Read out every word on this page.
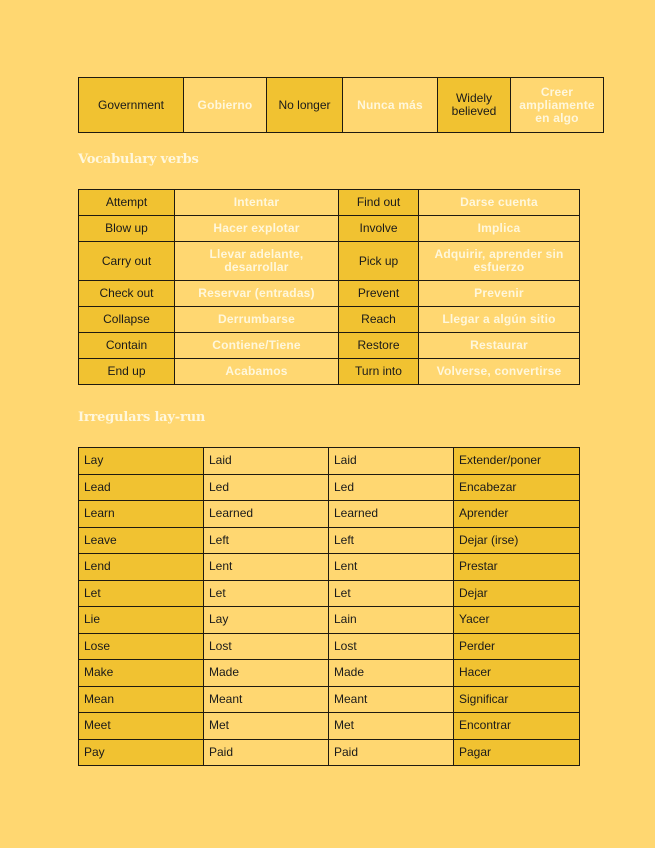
Government	Gobierno	No longer	Nunca más	Widely believed	Creer ampliamente en algo
Vocabulary verbs
Attempt	Intentar	Find out	Darse cuenta
Blow up	Hacer explotar	Involve	Implica
Carry out	Llevar adelante, desarrollar	Pick up	Adquirir, aprender sin esfuerzo
Check out	Reservar (entradas)	Prevent	Prevenir
Collapse	Derrumbarse	Reach	Llegar a algún sitio
Contain	Contiene/Tiene	Restore	Restaurar
End up	Acabamos	Turn into	Volverse, convertirse
Irregulars lay-run
Lay	Laid	Laid	Extender/poner
Lead	Led	Led	Encabezar
Learn	Learned	Learned	Aprender
Leave	Left	Left	Dejar (irse)
Lend	Lent	Lent	Prestar
Let	Let	Let	Dejar
Lie	Lay	Lain	Yacer
Lose	Lost	Lost	Perder
Make	Made	Made	Hacer
Mean	Meant	Meant	Significar
Meet	Met	Met	Encontrar
Pay	Paid	Paid	Pagar
